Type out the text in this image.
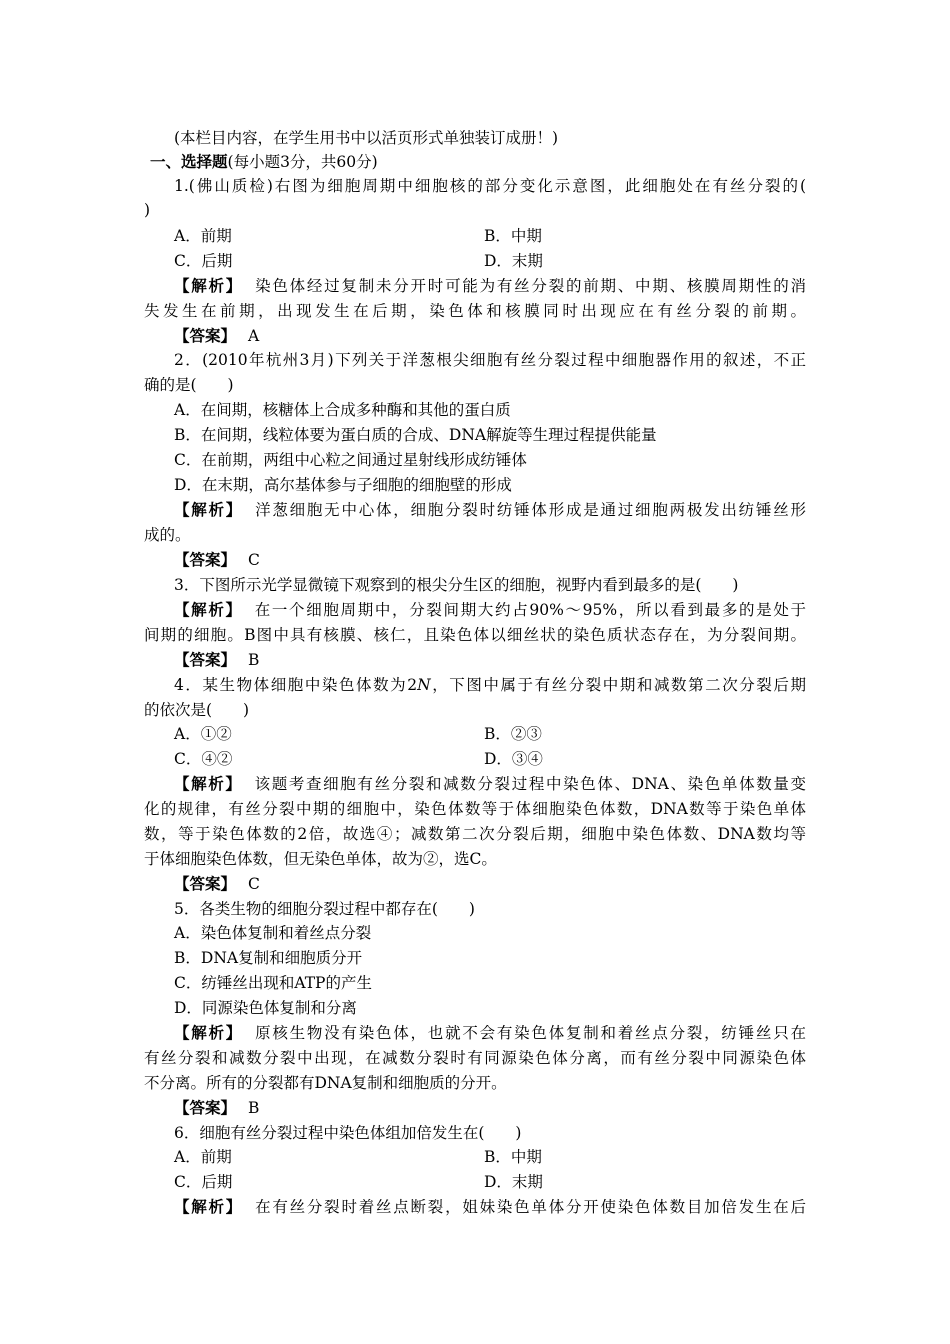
(本栏目内容，在学生用书中以活页形式单独装订成册！)
一、选择题(每小题3分，共60分)
1.(佛山质检)右图为细胞周期中细胞核的部分变化示意图，此细胞处在有丝分裂的(
)
A．前期	B．中期
C．后期	D．末期
【解析】 染色体经过复制未分开时可能为有丝分裂的前期、中期、核膜周期性的消
失发生在前期，出现发生在后期，染色体和核膜同时出现应在有丝分裂的前期。
【答案】 A
2．(2010年杭州3月)下列关于洋葱根尖细胞有丝分裂过程中细胞器作用的叙述，不正
确的是(　　)
A．在间期，核糖体上合成多种酶和其他的蛋白质
B．在间期，线粒体要为蛋白质的合成、DNA解旋等生理过程提供能量
C．在前期，两组中心粒之间通过星射线形成纺锤体
D．在末期，高尔基体参与子细胞的细胞壁的形成
【解析】 洋葱细胞无中心体，细胞分裂时纺锤体形成是通过细胞两极发出纺锤丝形
成的。
【答案】 C
3．下图所示光学显微镜下观察到的根尖分生区的细胞，视野内看到最多的是(　　)
【解析】 在一个细胞周期中，分裂间期大约占90%～95%，所以看到最多的是处于
间期的细胞。B图中具有核膜、核仁，且染色体以细丝状的染色质状态存在，为分裂间期。
【答案】 B
4．某生物体细胞中染色体数为2N，下图中属于有丝分裂中期和减数第二次分裂后期
的依次是(　　)
A．①②	B．②③
C．④②	D．③④
【解析】 该题考查细胞有丝分裂和减数分裂过程中染色体、DNA、染色单体数量变
化的规律，有丝分裂中期的细胞中，染色体数等于体细胞染色体数，DNA数等于染色单体
数，等于染色体数的2倍，故选④；减数第二次分裂后期，细胞中染色体数、DNA数均等
于体细胞染色体数，但无染色单体，故为②，选C。
【答案】 C
5．各类生物的细胞分裂过程中都存在(　　)
A．染色体复制和着丝点分裂
B．DNA复制和细胞质分开
C．纺锤丝出现和ATP的产生
D．同源染色体复制和分离
【解析】 原核生物没有染色体，也就不会有染色体复制和着丝点分裂，纺锤丝只在
有丝分裂和减数分裂中出现，在减数分裂时有同源染色体分离，而有丝分裂中同源染色体
不分离。所有的分裂都有DNA复制和细胞质的分开。
【答案】 B
6．细胞有丝分裂过程中染色体组加倍发生在(　　)
A．前期	B．中期
C．后期	D．末期
【解析】 在有丝分裂时着丝点断裂，姐妹染色单体分开使染色体数目加倍发生在后
